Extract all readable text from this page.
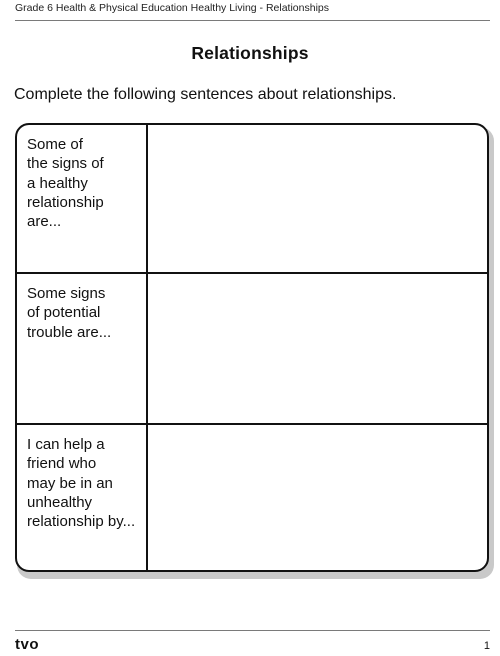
Grade 6 Health & Physical Education Healthy Living - Relationships
Relationships
Complete the following sentences about relationships.
Some of
the signs of
a healthy
relationship
are...
Some signs
of potential
trouble are...
I can help a
friend who
may be in an
unhealthy
relationship by...
tvo	1
